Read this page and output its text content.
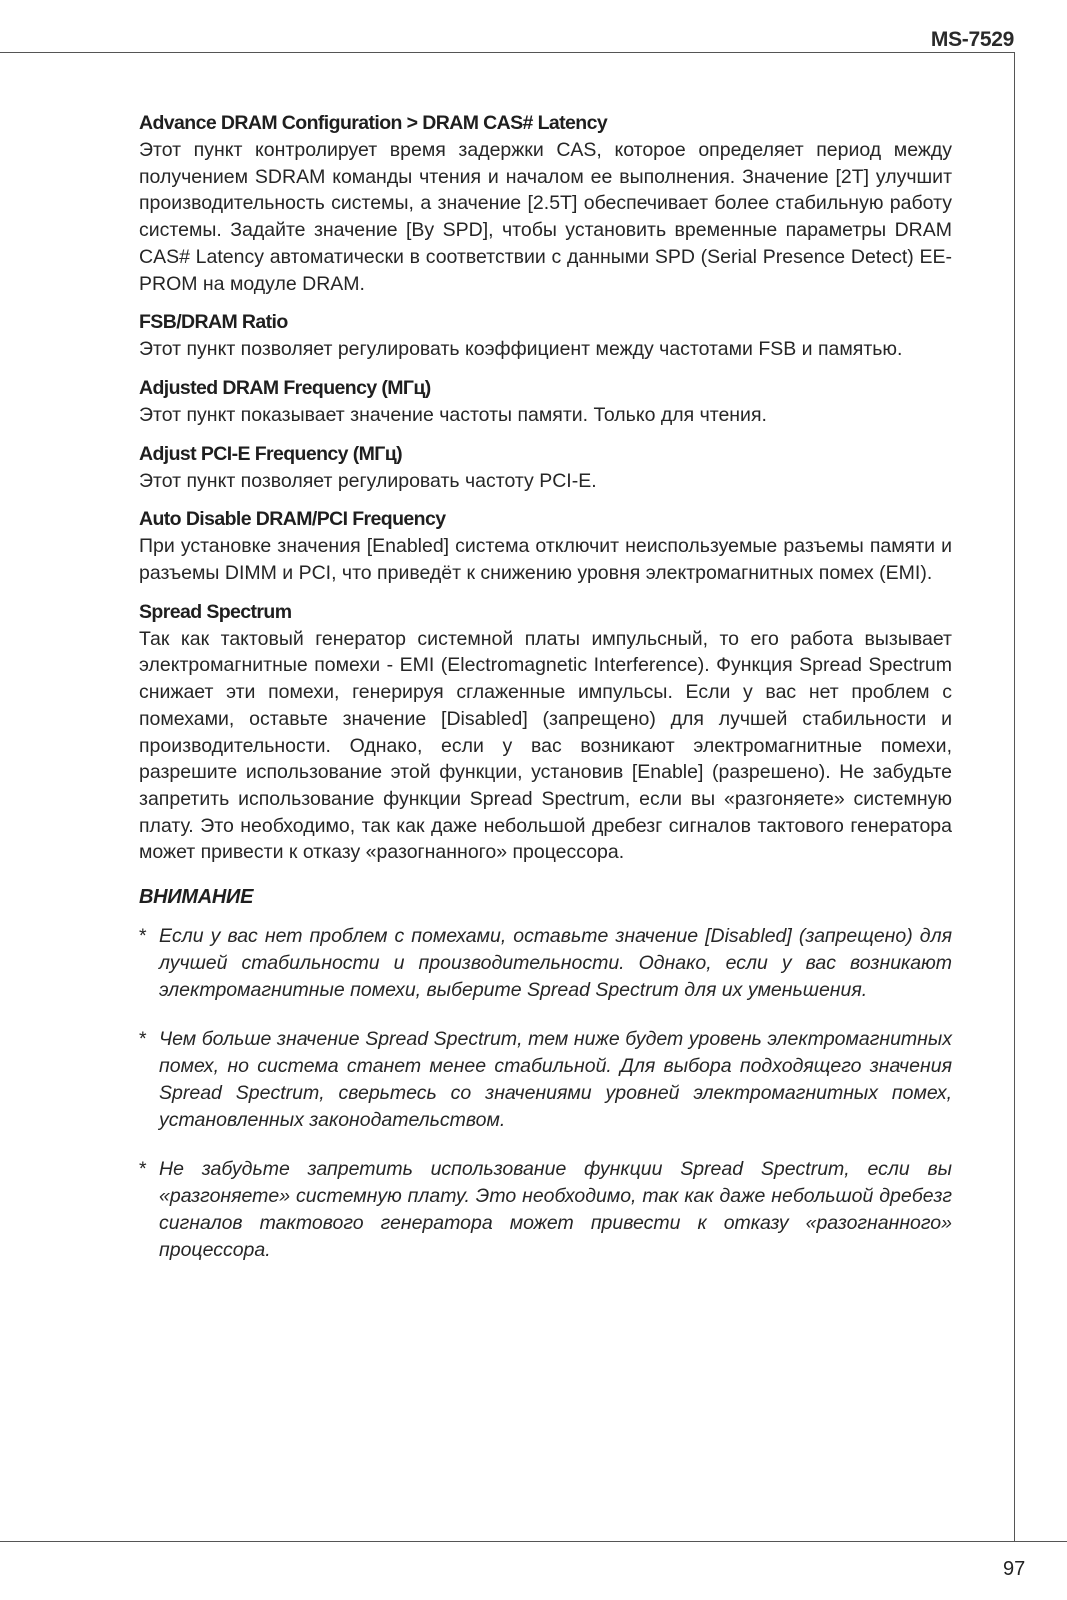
MS-7529
Advance DRAM Configuration > DRAM CAS# Latency
Этот пункт контролирует время задержки CAS, которое определяет период между получением SDRAM команды чтения и началом ее выполнения. Значение [2T] улучшит производительность системы, а значение [2.5T] обеспечивает более стабильную работу системы. Задайте значение [By SPD], чтобы установить временные параметры DRAM CAS# Latency автоматически в соответствии с данными SPD (Serial Presence Detect) EE-PROM на модуле DRAM.
FSB/DRAM Ratio
Этот пункт позволяет регулировать коэффициент между частотами FSB и памятью.
Adjusted DRAM Frequency (МГц)
Этот пункт показывает значение частоты памяти. Только для чтения.
Adjust PCI-E Frequency (МГц)
Этот пункт позволяет регулировать частоту PCI-E.
Auto Disable DRAM/PCI Frequency
При установке значения [Enabled] система отключит неиспользуемые разъемы памяти и разъемы DIMM и PCI, что приведёт к снижению уровня электромагнитных помех (EMI).
Spread Spectrum
Так как тактовый генератор системной платы импульсный, то его работа вызывает электромагнитные помехи - EMI (Electromagnetic Interference). Функция Spread Spectrum снижает эти помехи, генерируя сглаженные импульсы. Если у вас нет проблем с помехами, оставьте значение [Disabled] (запрещено) для лучшей стабильности и производительности. Однако, если у вас возникают электромагнитные помехи, разрешите использование этой функции, установив [Enable] (разрешено). Не забудьте запретить использование функции Spread Spectrum, если вы «разгоняете» системную плату. Это необходимо, так как даже небольшой дребезг сигналов тактового генератора может привести к отказу «разогнанного» процессора.
ВНИМАНИЕ
* Если у вас нет проблем с помехами, оставьте значение [Disabled] (запрещено) для лучшей стабильности и производительности. Однако, если у вас возникают электромагнитные помехи, выберите Spread Spectrum для их уменьшения.
* Чем больше значение Spread Spectrum, тем ниже будет уровень электромагнитных помех, но система станет менее стабильной. Для выбора подходящего значения Spread Spectrum, сверьтесь со значениями уровней электромагнитных помех, установленных законодательством.
* Не забудьте запретить использование функции Spread Spectrum, если вы «разгоняете» системную плату. Это необходимо, так как даже небольшой дребезг сигналов тактового генератора может привести к отказу «разогнанного» процессора.
97
